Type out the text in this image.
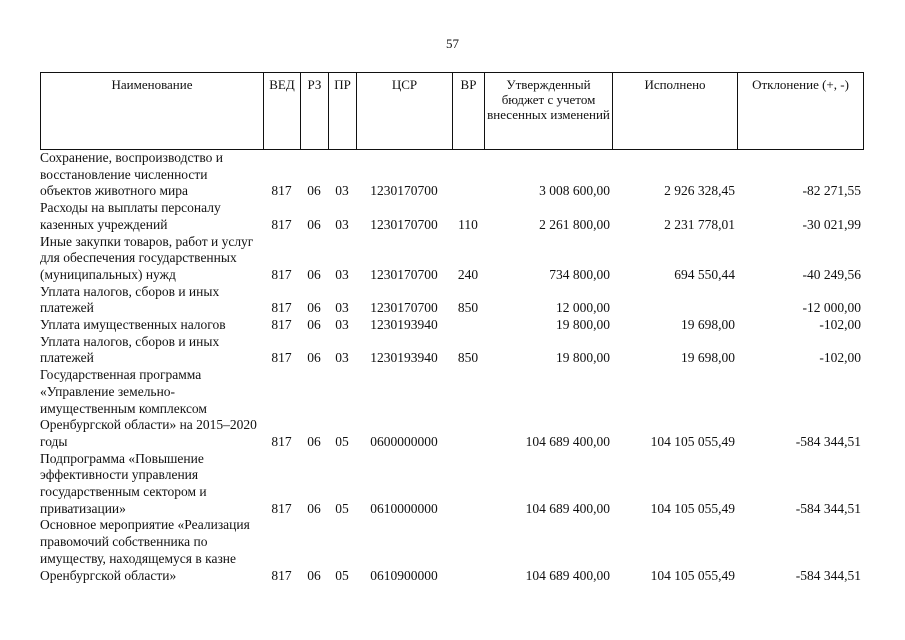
57
Наименование	ВЕД	РЗ	ПР	ЦСР	ВР	Утвержденный бюджет с учетом внесенных изменений	Исполнено	Отклонение (+, -)
Сохранение, воспроизводство и восстановление численности объектов животного мира	817	06	03	1230170700		3 008 600,00	2 926 328,45	-82 271,55
Расходы на выплаты персоналу казенных учреждений	817	06	03	1230170700	110	2 261 800,00	2 231 778,01	-30 021,99
Иные закупки товаров, работ и услуг для обеспечения государственных (муниципальных) нужд	817	06	03	1230170700	240	734 800,00	694 550,44	-40 249,56
Уплата налогов, сборов и иных платежей	817	06	03	1230170700	850	12 000,00		-12 000,00
Уплата имущественных налогов	817	06	03	1230193940		19 800,00	19 698,00	-102,00
Уплата налогов, сборов и иных платежей	817	06	03	1230193940	850	19 800,00	19 698,00	-102,00
Государственная программа «Управление земельно-имущественным комплексом Оренбургской области» на 2015–2020 годы	817	06	05	0600000000		104 689 400,00	104 105 055,49	-584 344,51
Подпрограмма «Повышение эффективности управления государственным сектором и приватизации»	817	06	05	0610000000		104 689 400,00	104 105 055,49	-584 344,51
Основное мероприятие «Реализация правомочий собственника по имуществу, находящемуся в казне Оренбургской области»	817	06	05	0610900000		104 689 400,00	104 105 055,49	-584 344,51
